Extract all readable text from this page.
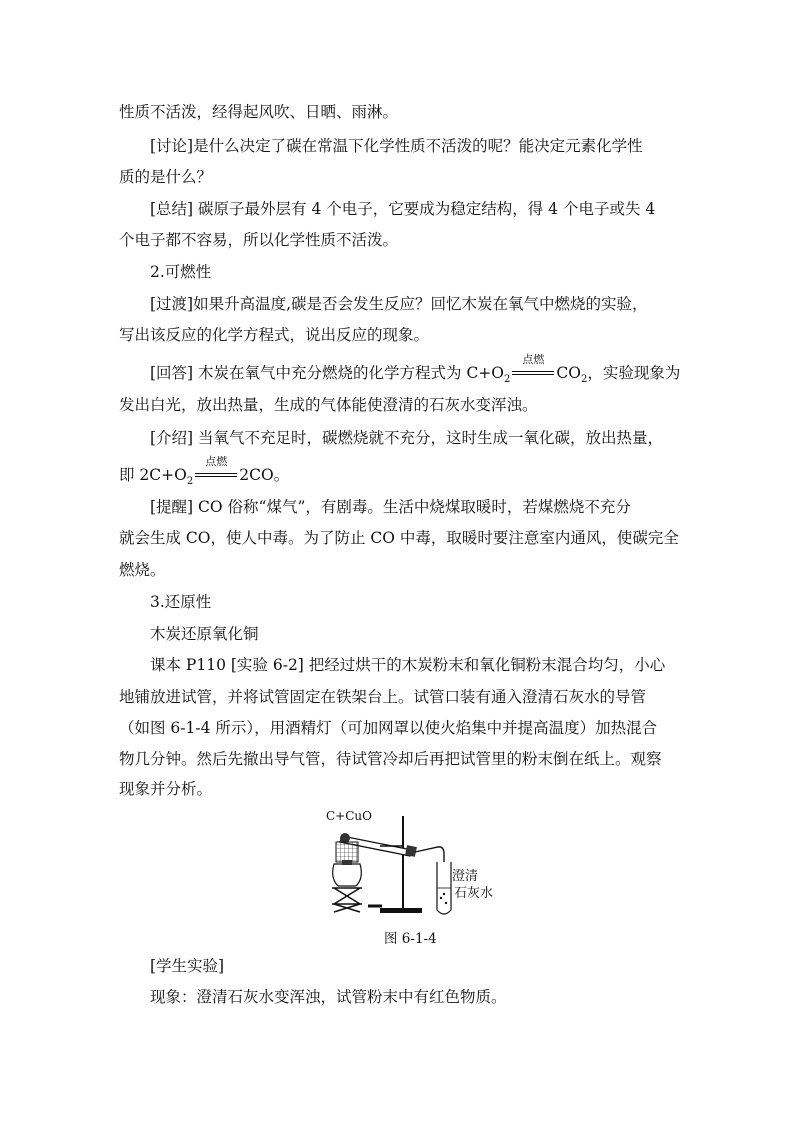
性质不活泼，经得起风吹、日晒、雨淋。
[讨论]是什么决定了碳在常温下化学性质不活泼的呢？能决定元素化学性
质的是什么？
[总结] 碳原子最外层有 4 个电子，它要成为稳定结构，得 4 个电子或失 4
个电子都不容易，所以化学性质不活泼。
2.可燃性
[过渡]如果升高温度,碳是否会发生反应？回忆木炭在氧气中燃烧的实验，
写出该反应的化学方程式，说出反应的现象。
[回答] 木炭在氧气中充分燃烧的化学方程式为 $C+O_2$
点燃
$CO_2$，实验现象为
发出白光，放出热量，生成的气体能使澄清的石灰水变浑浊。
[介绍] 当氧气不充足时，碳燃烧就不充分，这时生成一氧化碳，放出热量，
即 $2C+O_2$
点燃
2CO。
[提醒] CO 俗称“煤气”，有剧毒。生活中烧煤取暖时，若煤燃烧不充分
就会生成 CO，使人中毒。为了防止 CO 中毒，取暖时要注意室内通风，使碳完全
燃烧。
3.还原性
木炭还原氧化铜
课本 P110 [实验 6-2] 把经过烘干的木炭粉末和氧化铜粉末混合均匀，小心
地铺放进试管，并将试管固定在铁架台上。试管口装有通入澄清石灰水的导管
（如图 6-1-4 所示），用酒精灯（可加网罩以使火焰集中并提高温度）加热混合
物几分钟。然后先撤出导气管，待试管冷却后再把试管里的粉末倒在纸上。观察
现象并分析。
C+CuO
澄清
石灰水
图 6-1-4
[学生实验]
现象：澄清石灰水变浑浊，试管粉末中有红色物质。
